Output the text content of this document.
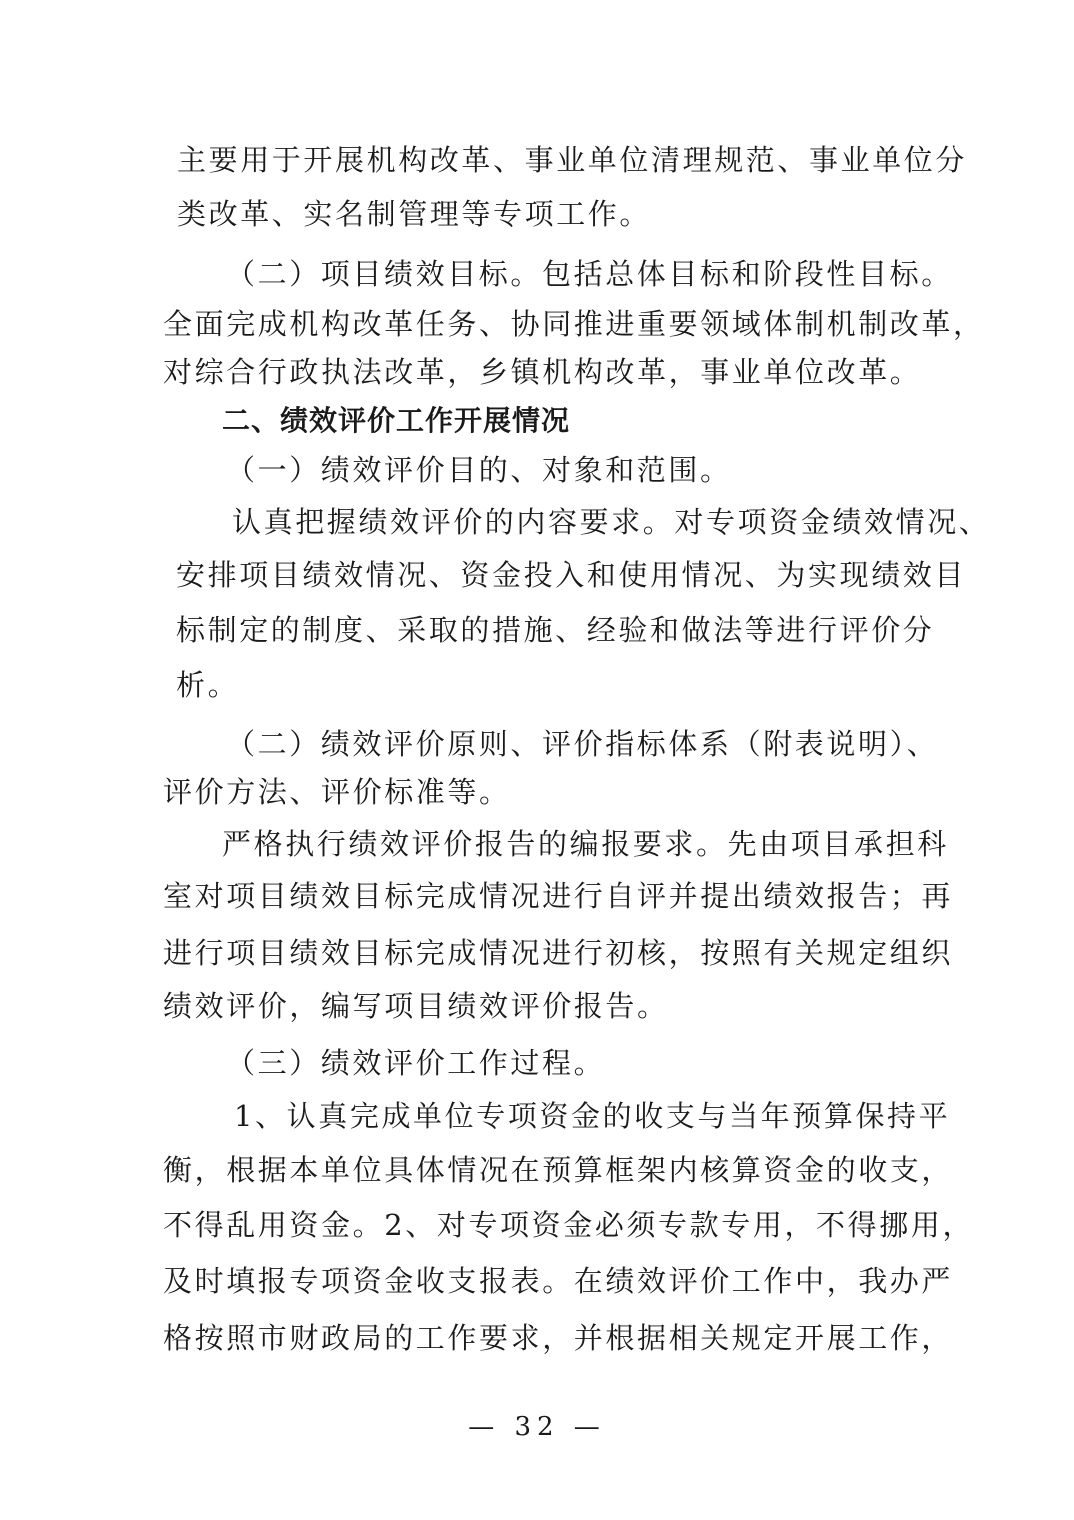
主要用于开展机构改革、事业单位清理规范、事业单位分
类改革、实名制管理等专项工作。
（二）项目绩效目标。包括总体目标和阶段性目标。
全面完成机构改革任务、协同推进重要领域体制机制改革，
对综合行政执法改革，乡镇机构改革，事业单位改革。
二、绩效评价工作开展情况
（一）绩效评价目的、对象和范围。
认真把握绩效评价的内容要求。对专项资金绩效情况、
安排项目绩效情况、资金投入和使用情况、为实现绩效目
标制定的制度、采取的措施、经验和做法等进行评价分
析。
（二）绩效评价原则、评价指标体系（附表说明）、
评价方法、评价标准等。
严格执行绩效评价报告的编报要求。先由项目承担科
室对项目绩效目标完成情况进行自评并提出绩效报告；再
进行项目绩效目标完成情况进行初核，按照有关规定组织
绩效评价，编写项目绩效评价报告。
（三）绩效评价工作过程。
1、认真完成单位专项资金的收支与当年预算保持平
衡，根据本单位具体情况在预算框架内核算资金的收支，
不得乱用资金。2、对专项资金必须专款专用，不得挪用，
及时填报专项资金收支报表。在绩效评价工作中，我办严
格按照市财政局的工作要求，并根据相关规定开展工作，
— 32 —
